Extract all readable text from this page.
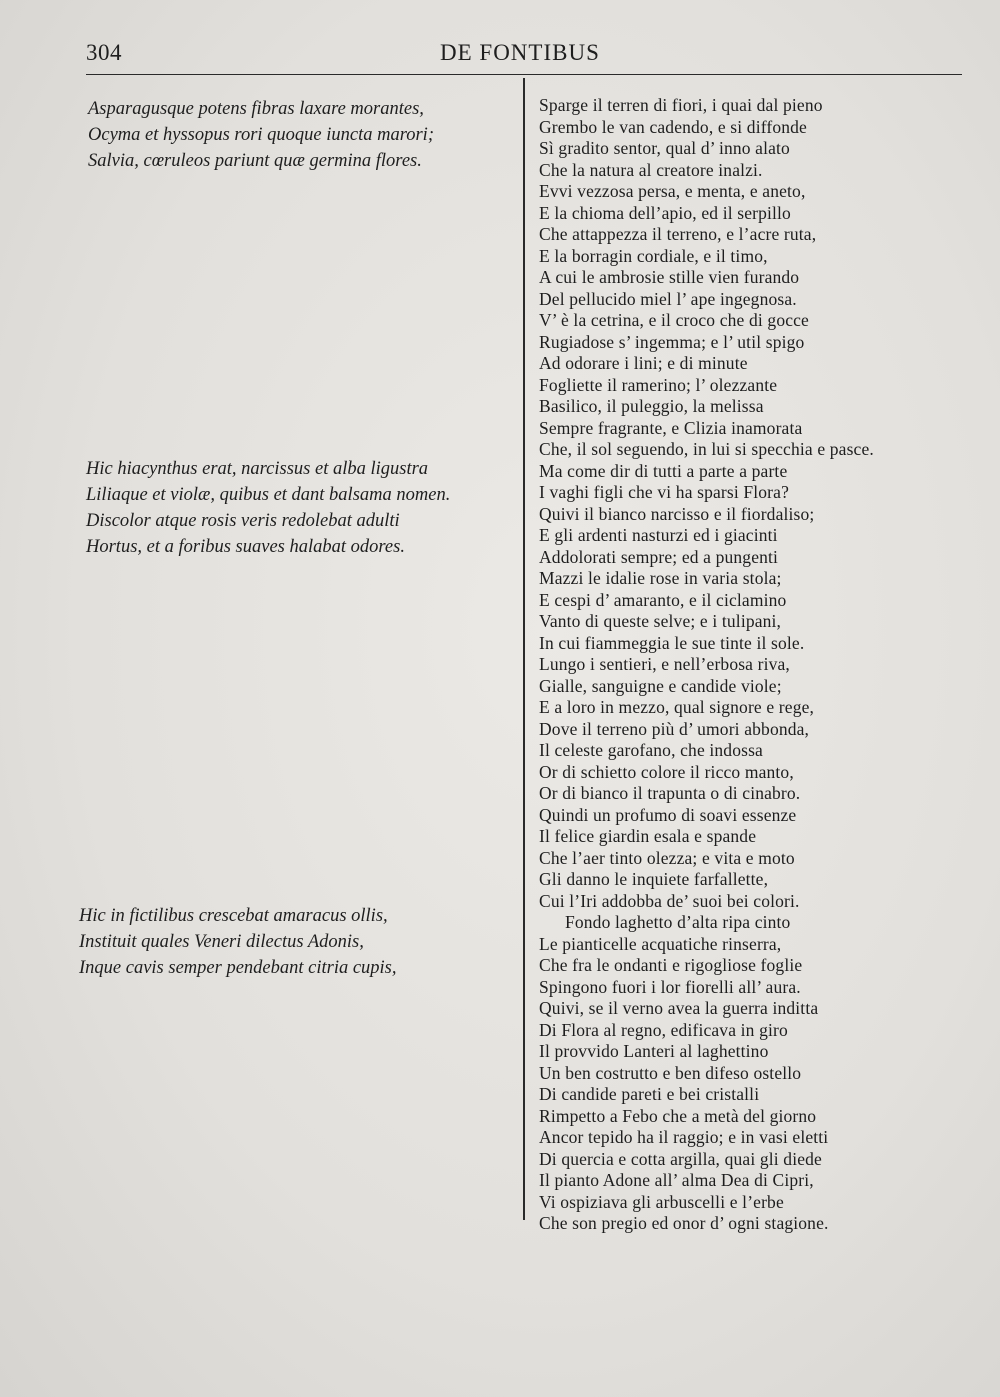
304	DE FONTIBUS
Asparagusque potens fibras laxare morantes,
Ocyma et hyssopus rori quoque iuncta marori;
Salvia, cœruleos pariunt quæ germina flores.
Hic hiacynthus erat, narcissus et alba ligustra
Liliaque et violæ, quibus et dant balsama nomen.
Discolor atque rosis veris redolebat adulti
Hortus, et a foribus suaves halabat odores.
Hic in fictilibus crescebat amaracus ollis,
Instituit quales Veneri dilectus Adonis,
Inque cavis semper pendebant citria cupis,
Sparge il terren di fiori, i quai dal pieno
Grembo le van cadendo, e si diffonde
Sì gradito sentor, qual d’ inno alato
Che la natura al creatore inalzi.
Evvi vezzosa persa, e menta, e aneto,
E la chioma dell’apio, ed il serpillo
Che attappezza il terreno, e l’acre ruta,
E la borragin cordiale, e il timo,
A cui le ambrosie stille vien furando
Del pellucido miel l’ ape ingegnosa.
V’ è la cetrina, e il croco che di gocce
Rugiadose s’ ingemma; e l’ util spigo
Ad odorare i lini; e di minute
Fogliette il ramerino; l’ olezzante
Basilico, il puleggio, la melissa
Sempre fragrante, e Clizia inamorata
Che, il sol seguendo, in lui si specchia e pasce.
Ma come dir di tutti a parte a parte
I vaghi figli che vi ha sparsi Flora?
Quivi il bianco narcisso e il fiordaliso;
E gli ardenti nasturzi ed i giacinti
Addolorati sempre; ed a pungenti
Mazzi le idalie rose in varia stola;
E cespi d’ amaranto, e il ciclamino
Vanto di queste selve; e i tulipani,
In cui fiammeggia le sue tinte il sole.
Lungo i sentieri, e nell’erbosa riva,
Gialle, sanguigne e candide viole;
E a loro in mezzo, qual signore e rege,
Dove il terreno più d’ umori abbonda,
Il celeste garofano, che indossa
Or di schietto colore il ricco manto,
Or di bianco il trapunta o di cinabro.
Quindi un profumo di soavi essenze
Il felice giardin esala e spande
Che l’aer tinto olezza; e vita e moto
Gli danno le inquiete farfallette,
Cui l’Iri addobba de’ suoi bei colori.
Fondo laghetto d’alta ripa cinto
Le pianticelle acquatiche rinserra,
Che fra le ondanti e rigogliose foglie
Spingono fuori i lor fiorelli all’ aura.
Quivi, se il verno avea la guerra inditta
Di Flora al regno, edificava in giro
Il provvido Lanteri al laghettino
Un ben costrutto e ben difeso ostello
Di candide pareti e bei cristalli
Rimpetto a Febo che a metà del giorno
Ancor tepido ha il raggio; e in vasi eletti
Di quercia e cotta argilla, quai gli diede
Il pianto Adone all’ alma Dea di Cipri,
Vi ospiziava gli arbuscelli e l’erbe
Che son pregio ed onor d’ ogni stagione.
